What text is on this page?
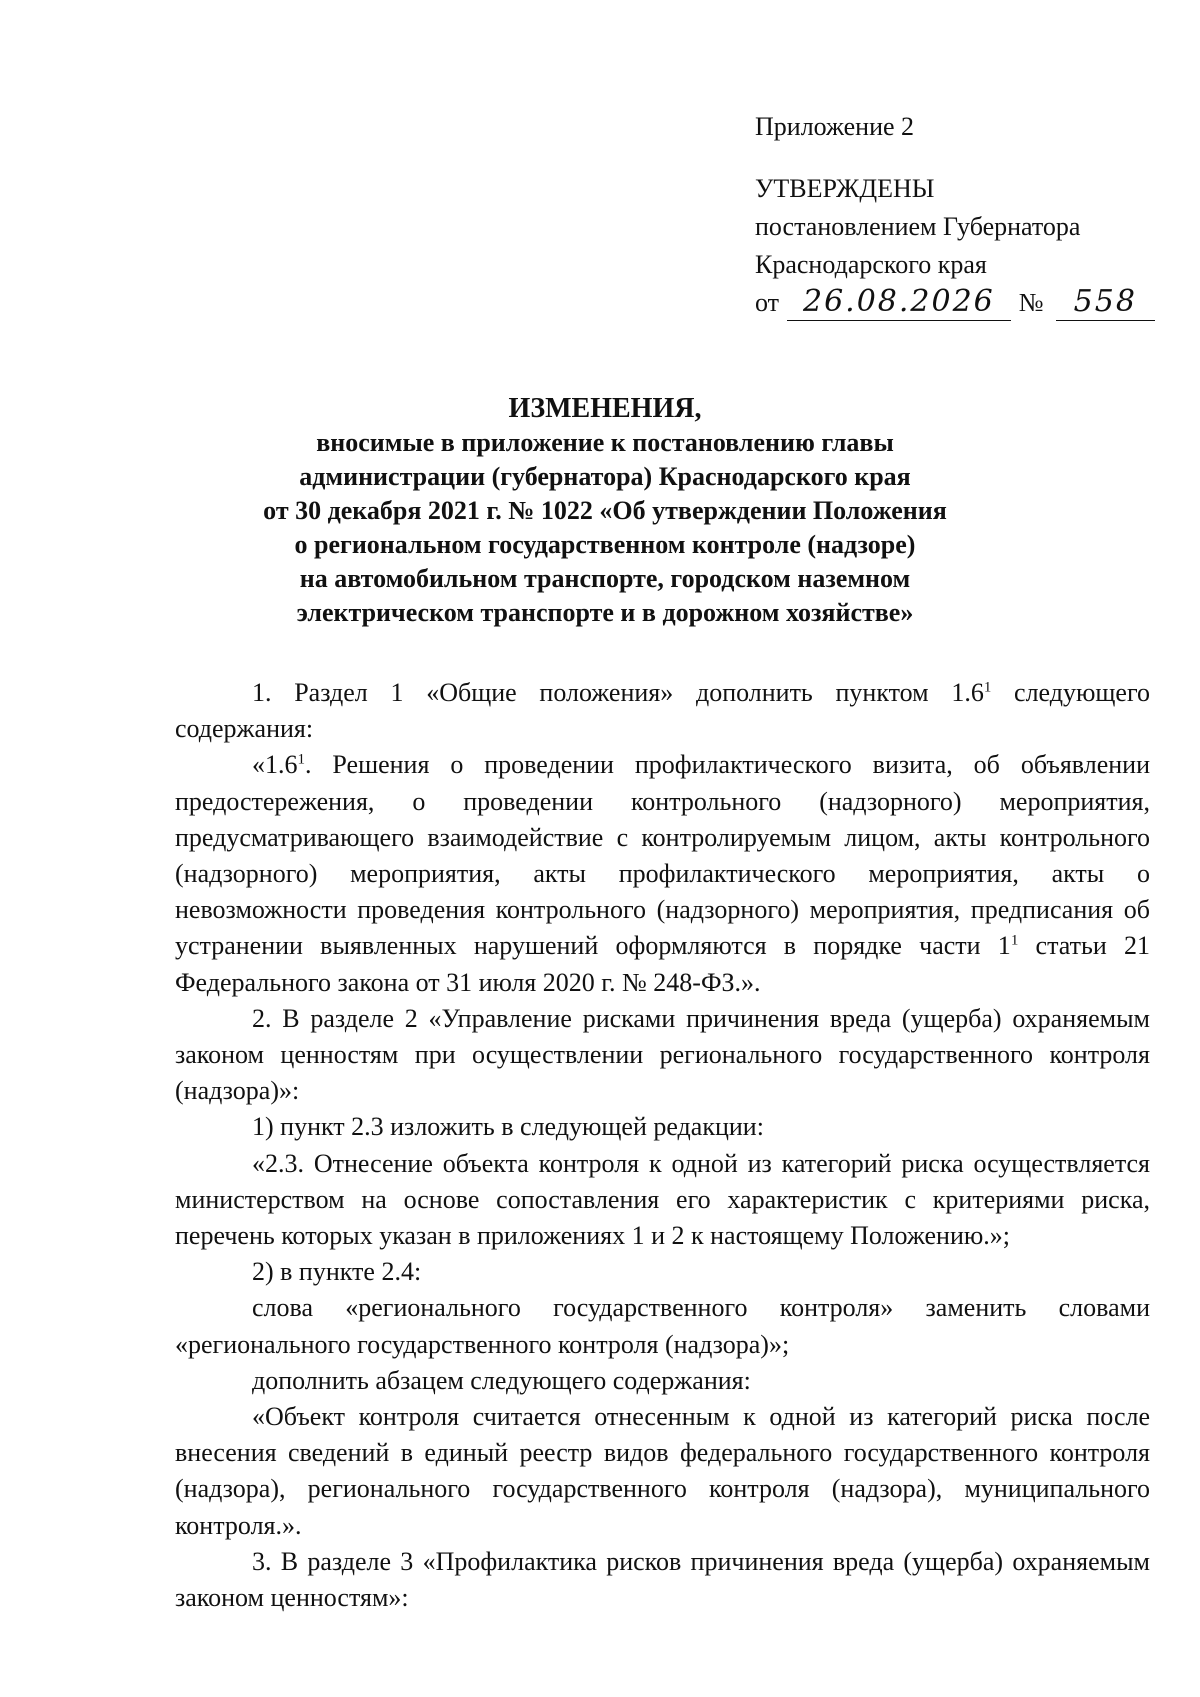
Приложение 2
УТВЕРЖДЕНЫ
постановлением Губернатора
Краснодарского края
от 26.08.2026 №	558
ИЗМЕНЕНИЯ,
вносимые в приложение к постановлению главы
администрации (губернатора) Краснодарского края
от 30 декабря 2021 г. № 1022 «Об утверждении Положения
о региональном государственном контроле (надзоре)
на автомобильном транспорте, городском наземном
электрическом транспорте и в дорожном хозяйстве»

1. Раздел 1 «Общие положения» дополнить пунктом $1.6^1$ следующего содержания:

«$1.6^1$. Решения о проведении профилактического визита, об объявлении предостережения, о проведении контрольного (надзорного) мероприятия, предусматривающего взаимодействие с контролируемым лицом, акты контрольного (надзорного) мероприятия, акты профилактического мероприятия, акты о невозможности проведения контрольного (надзорного) мероприятия, предписания об устранении выявленных нарушений оформляются в порядке части $1^1$ статьи 21 Федерального закона от 31 июля 2020 г. № 248-ФЗ.».

2. В разделе 2 «Управление рисками причинения вреда (ущерба) охраняемым законом ценностям при осуществлении регионального государственного контроля (надзора)»:

1) пункт 2.3 изложить в следующей редакции:

«2.3. Отнесение объекта контроля к одной из категорий риска осуществляется министерством на основе сопоставления его характеристик с критериями риска, перечень которых указан в приложениях 1 и 2 к настоящему Положению.»;

2) в пункте 2.4:

слова «регионального государственного контроля» заменить словами «регионального государственного контроля (надзора)»;

дополнить абзацем следующего содержания:

«Объект контроля считается отнесенным к одной из категорий риска после внесения сведений в единый реестр видов федерального государственного контроля (надзора), регионального государственного контроля (надзора), муниципального контроля.».

3. В разделе 3 «Профилактика рисков причинения вреда (ущерба) охраняемым законом ценностям»:
